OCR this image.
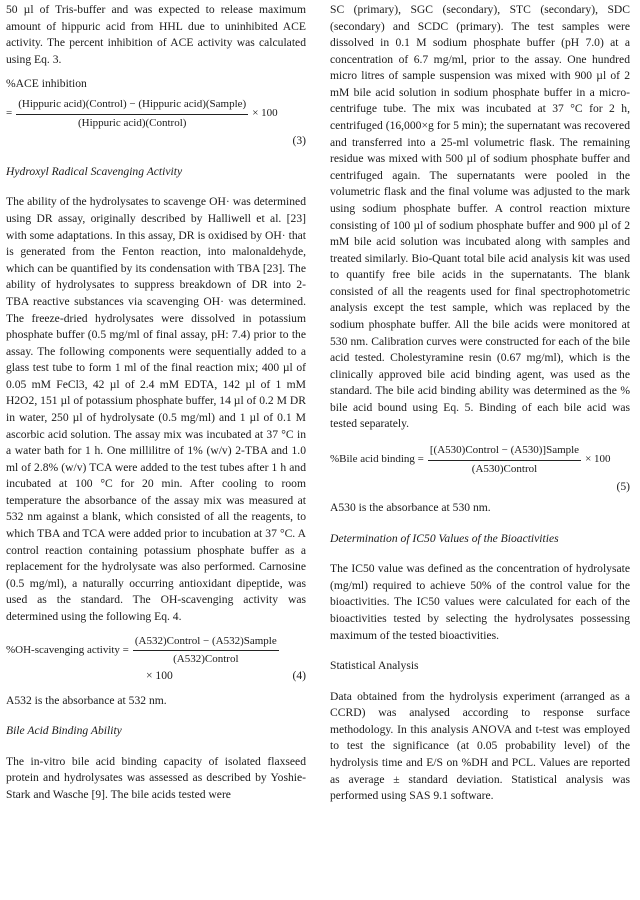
50 µl of Tris-buffer and was expected to release maximum amount of hippuric acid from HHL due to uninhibited ACE activity. The percent inhibition of ACE activity was calculated using Eq. 3.

%ACE inhibition
= $\frac{\text{(Hippuric acid)(Control) − (Hippuric acid)(Sample)}}{\text{(Hippuric acid)(Control)}} \times 100$
(3)
Hydroxyl Radical Scavenging Activity

The ability of the hydrolysates to scavenge OH· was determined using DR assay, originally described by Halliwell et al. [23] with some adaptations. In this assay, DR is oxidised by OH· that is generated from the Fenton reaction, into malonaldehyde, which can be quantified by its condensation with TBA [23]. The ability of hydrolysates to suppress breakdown of DR into 2-TBA reactive substances via scavenging OH· was determined. The freeze-dried hydrolysates were dissolved in potassium phosphate buffer (0.5 mg/ml of final assay, pH: 7.4) prior to the assay. The following components were sequentially added to a glass test tube to form 1 ml of the final reaction mix; 400 µl of 0.05 mM FeCl3, 42 µl of 2.4 mM EDTA, 142 µl of 1 mM H2O2, 151 µl of potassium phosphate buffer, 14 µl of 0.2 M DR in water, 250 µl of hydrolysate (0.5 mg/ml) and 1 µl of 0.1 M ascorbic acid solution. The assay mix was incubated at 37 °C in a water bath for 1 h. One millilitre of 1% (w/v) 2-TBA and 1.0 ml of 2.8% (w/v) TCA were added to the test tubes after 1 h and incubated at 100 °C for 20 min. After cooling to room temperature the absorbance of the assay mix was measured at 532 nm against a blank, which consisted of all the reagents, to which TBA and TCA were added prior to incubation at 37 °C. A control reaction containing potassium phosphate buffer as a replacement for the hydrolysate was also performed. Carnosine (0.5 mg/ml), a naturally occurring antioxidant dipeptide, was used as the standard. The OH-scavenging activity was determined using the following Eq. 4.

%OH-scavenging activity = $\frac{\text{(A532)Control − (A532)Sample}}{\text{(A532)Control}}$
× 100	(4)

A532 is the absorbance at 532 nm.

Bile Acid Binding Ability

The in-vitro bile acid binding capacity of isolated flaxseed protein and hydrolysates was assessed as described by Yoshie-Stark and Wasche [9]. The bile acids tested were

SC (primary), SGC (secondary), STC (secondary), SDC (secondary) and SCDC (primary). The test samples were dissolved in 0.1 M sodium phosphate buffer (pH 7.0) at a concentration of 6.7 mg/ml, prior to the assay. One hundred micro litres of sample suspension was mixed with 900 µl of 2 mM bile acid solution in sodium phosphate buffer in a micro-centrifuge tube. The mix was incubated at 37 °C for 2 h, centrifuged (16,000×g for 5 min); the supernatant was recovered and transferred into a 25-ml volumetric flask. The remaining residue was mixed with 500 µl of sodium phosphate buffer and centrifuged again. The supernatants were pooled in the volumetric flask and the final volume was adjusted to the mark using sodium phosphate buffer. A control reaction mixture consisting of 100 µl of sodium phosphate buffer and 900 µl of 2 mM bile acid solution was incubated along with samples and treated similarly. Bio-Quant total bile acid analysis kit was used to quantify free bile acids in the supernatants. The blank consisted of all the reagents used for final spectrophotometric analysis except the test sample, which was replaced by the sodium phosphate buffer. All the bile acids were monitored at 530 nm. Calibration curves were constructed for each of the bile acid tested. Cholestyramine resin (0.67 mg/ml), which is the clinically approved bile acid binding agent, was used as the standard. The bile acid binding ability was determined as the % bile acid bound using Eq. 5. Binding of each bile acid was tested separately.

%Bile acid binding = $\frac{\text{[(A530)Control − (A530)]Sample}}{\text{(A530)Control}} \times 100$
(5)

A530 is the absorbance at 530 nm.

Determination of IC50 Values of the Bioactivities

The IC50 value was defined as the concentration of hydrolysate (mg/ml) required to achieve 50% of the control value for the bioactivities. The IC50 values were calculated for each of the bioactivities tested by selecting the hydrolysates possessing maximum of the tested bioactivities.

Statistical Analysis

Data obtained from the hydrolysis experiment (arranged as a CCRD) was analysed according to response surface methodology. In this analysis ANOVA and t-test was employed to test the significance (at 0.05 probability level) of the hydrolysis time and E/S on %DH and PCL. Values are reported as average ± standard deviation. Statistical analysis was performed using SAS 9.1 software.
